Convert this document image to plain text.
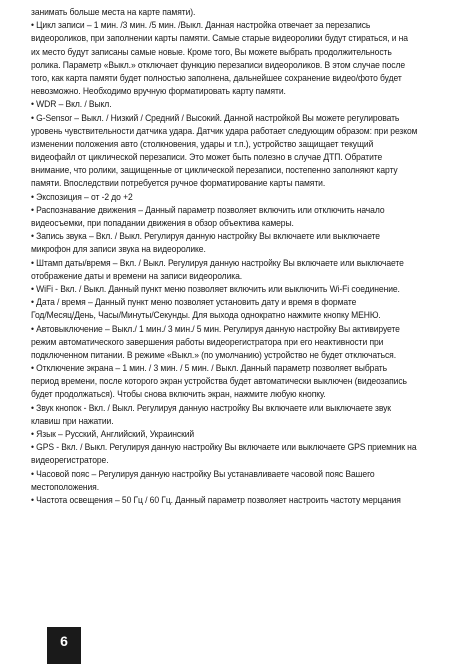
занимать больше места на карте памяти).
• Цикл записи – 1 мин. /3 мин. /5 мин. /Выкл. Данная настройка отвечает за перезапись
видеороликов, при заполнении карты памяти. Самые старые видеоролики будут стираться, и на
их место будут записаны самые новые. Кроме того, Вы можете выбрать продолжительность
ролика. Параметр «Выкл.» отключает функцию перезаписи видеороликов. В этом случае после
того, как карта памяти будет полностью заполнена, дальнейшее сохранение видео/фото будет
невозможно. Необходимо вручную форматировать карту памяти.
• WDR – Вкл. / Выкл.
• G-Sensor – Выкл. / Низкий / Средний / Высокий. Данной настройкой Вы можете регулировать
уровень чувствительности датчика удара. Датчик удара работает следующим образом: при резком
изменении положения авто (столкновения, удары и т.п.), устройство защищает текущий
видеофайл от циклической перезаписи. Это может быть полезно в случае ДТП. Обратите
внимание, что ролики, защищенные от циклической перезаписи, постепенно заполняют карту
памяти. Впоследствии потребуется ручное форматирование карты памяти.
• Экспозиция – от -2 до +2
• Распознавание движения – Данный параметр позволяет включить или отключить начало
видеосъемки, при попадании движения в обзор объектива камеры.
• Запись звука – Вкл. / Выкл. Регулируя данную настройку Вы включаете или выключаете
микрофон для записи звука на видеоролике.
• Штамп даты/время – Вкл. / Выкл. Регулируя данную настройку Вы включаете или выключаете
отображение даты и времени на записи видеоролика.
• WiFi - Вкл. / Выкл. Данный пункт меню позволяет включить или выключить Wi-Fi соединение.
• Дата / время – Данный пункт меню позволяет установить дату и время в формате
Год/Месяц/День, Часы/Минуты/Секунды. Для выхода однократно нажмите кнопку МЕНЮ.
• Автовыключение – Выкл./ 1 мин./ 3 мин./ 5 мин. Регулируя данную настройку Вы активируете
режим автоматического завершения работы видеорегистратора при его неактивности при
подключенном питании. В режиме «Выкл.» (по умолчанию) устройство не будет отключаться.
• Отключение экрана – 1 мин. / 3 мин. / 5 мин. / Выкл. Данный параметр позволяет выбрать
период времени, после которого экран устройства будет автоматически выключен (видеозапись
будет продолжаться). Чтобы снова включить экран, нажмите любую кнопку.
• Звук кнопок - Вкл. / Выкл. Регулируя данную настройку Вы включаете или выключаете звук
клавиш при нажатии.
• Язык – Русский, Английский, Украинский
• GPS - Вкл. / Выкл. Регулируя данную настройку Вы включаете или выключаете GPS приемник на
видеорегистраторе.
• Часовой пояс – Регулируя данную настройку Вы устанавливаете часовой пояс Вашего
местоположения.
• Частота освещения – 50 Гц / 60 Гц. Данный параметр позволяет настроить частоту мерцания
6
